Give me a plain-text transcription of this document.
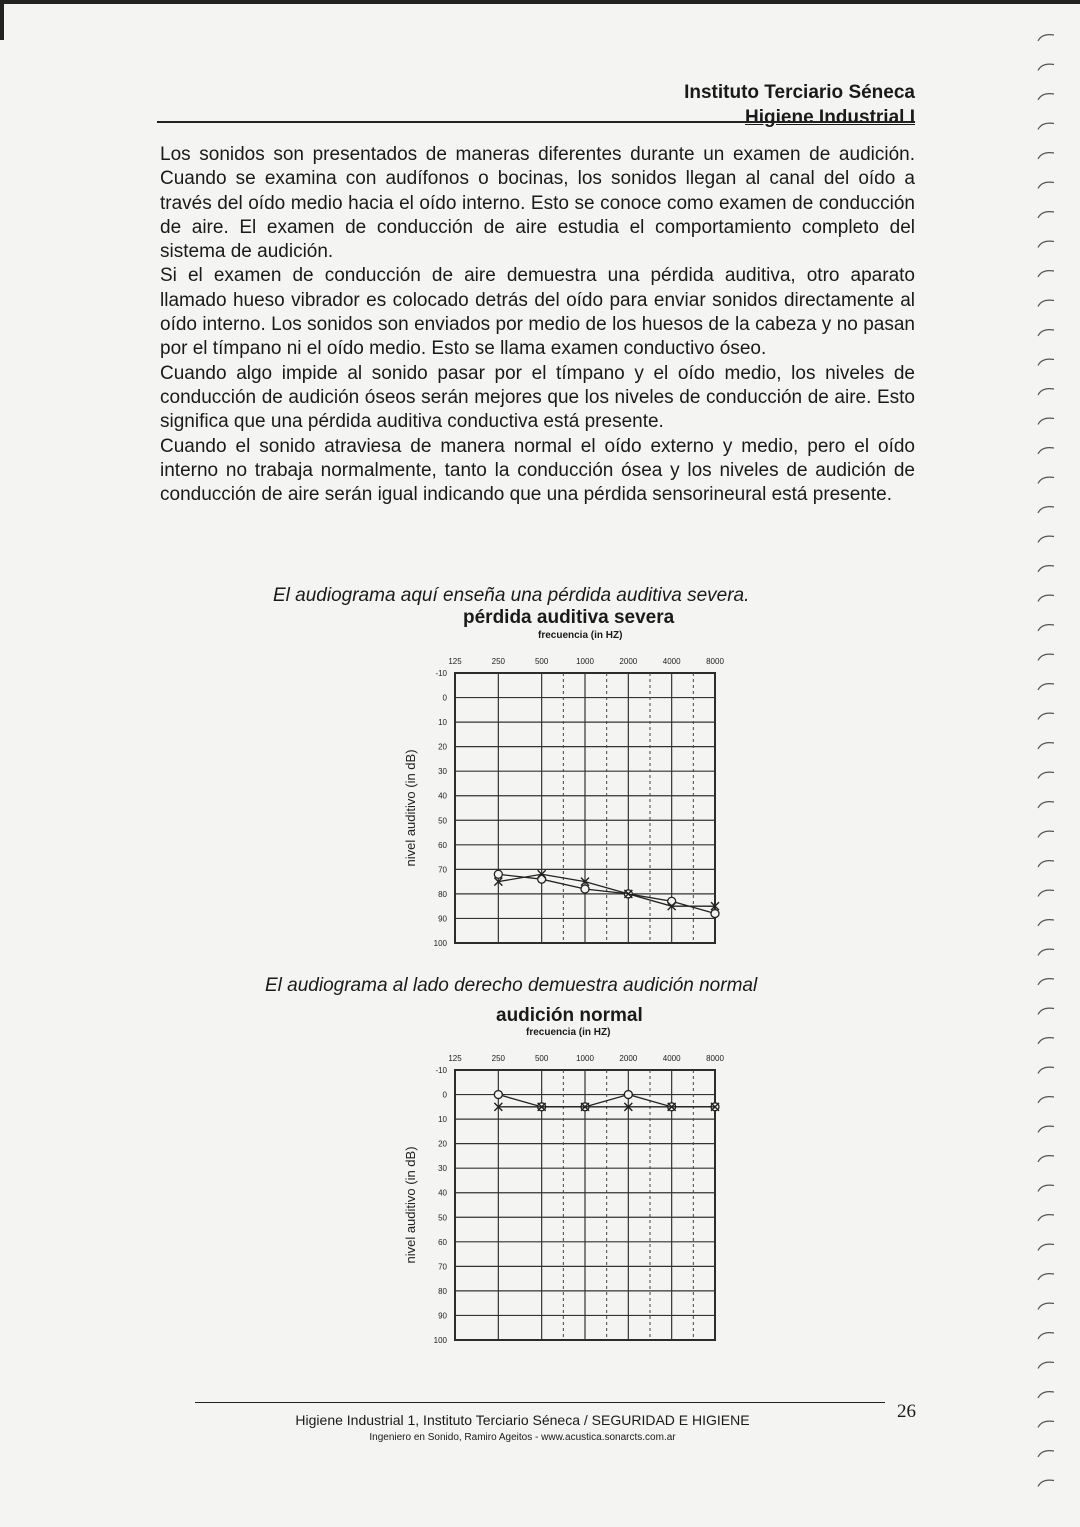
Instituto Terciario Séneca
Higiene Industrial I

Los sonidos son presentados de maneras diferentes durante un examen de audición. Cuando se examina con audífonos o bocinas, los sonidos llegan al canal del oído a través del oído medio hacia el oído interno. Esto se conoce como examen de conducción de aire. El examen de conducción de aire estudia el comportamiento completo del sistema de audición.

Si el examen de conducción de aire demuestra una pérdida auditiva, otro aparato llamado hueso vibrador es colocado detrás del oído para enviar sonidos directamente al oído interno. Los sonidos son enviados por medio de los huesos de la cabeza y no pasan por el tímpano ni el oído medio. Esto se llama examen conductivo óseo.

Cuando algo impide al sonido pasar por el tímpano y el oído medio, los niveles de conducción de audición óseos serán mejores que los niveles de conducción de aire. Esto significa que una pérdida auditiva conductiva está presente.

Cuando el sonido atraviesa de manera normal el oído externo y medio, pero el oído interno no trabaja normalmente, tanto la conducción ósea y los niveles de audición de conducción de aire serán igual indicando que una pérdida sensorineural está presente.

El audiograma aquí enseña una pérdida auditiva severa.
pérdida auditiva severa
frecuencia (in HZ)
-10
0
10
20
30
40
50
60
70
80
90
100
125	250	500	1000	2000	4000	8000
nivel auditivo (in dB)
El audiograma al lado derecho demuestra audición normal
audición normal
frecuencia (in HZ)
-10
0
10
20
30
40
50
60
70
80
90
100
125	250	500	1000	2000	4000	8000
nivel auditivo (in dB)
26
Higiene Industrial 1, Instituto Terciario Séneca / SEGURIDAD E HIGIENE
Ingeniero en Sonido, Ramiro Ageitos - www.acustica.sonarcts.com.ar
